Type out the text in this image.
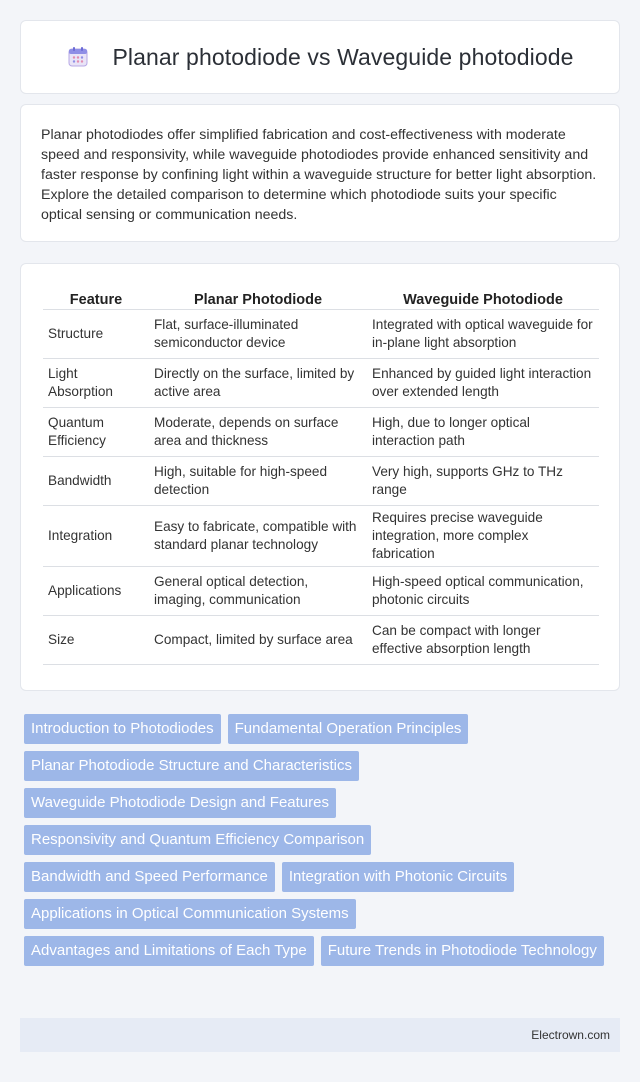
Planar photodiode vs Waveguide photodiode

Planar photodiodes offer simplified fabrication and cost-effectiveness with moderate speed and responsivity, while waveguide photodiodes provide enhanced sensitivity and faster response by confining light within a waveguide structure for better light absorption. Explore the detailed comparison to determine which photodiode suits your specific optical sensing or communication needs.

Feature	Planar Photodiode	Waveguide Photodiode
Structure	Flat, surface-illuminated semiconductor device	Integrated with optical waveguide for in-plane light absorption
Light Absorption	Directly on the surface, limited by active area	Enhanced by guided light interaction over extended length
Quantum Efficiency	Moderate, depends on surface area and thickness	High, due to longer optical interaction path
Bandwidth	High, suitable for high-speed detection	Very high, supports GHz to THz range
Integration	Easy to fabricate, compatible with standard planar technology	Requires precise waveguide integration, more complex fabrication
Applications	General optical detection, imaging, communication	High-speed optical communication, photonic circuits
Size	Compact, limited by surface area	Can be compact with longer effective absorption length
Introduction to Photodiodes	Fundamental Operation Principles
Planar Photodiode Structure and Characteristics
Waveguide Photodiode Design and Features
Responsivity and Quantum Efficiency Comparison
Bandwidth and Speed Performance	Integration with Photonic Circuits
Applications in Optical Communication Systems
Advantages and Limitations of Each Type	Future Trends in Photodiode Technology
Electrown.com
